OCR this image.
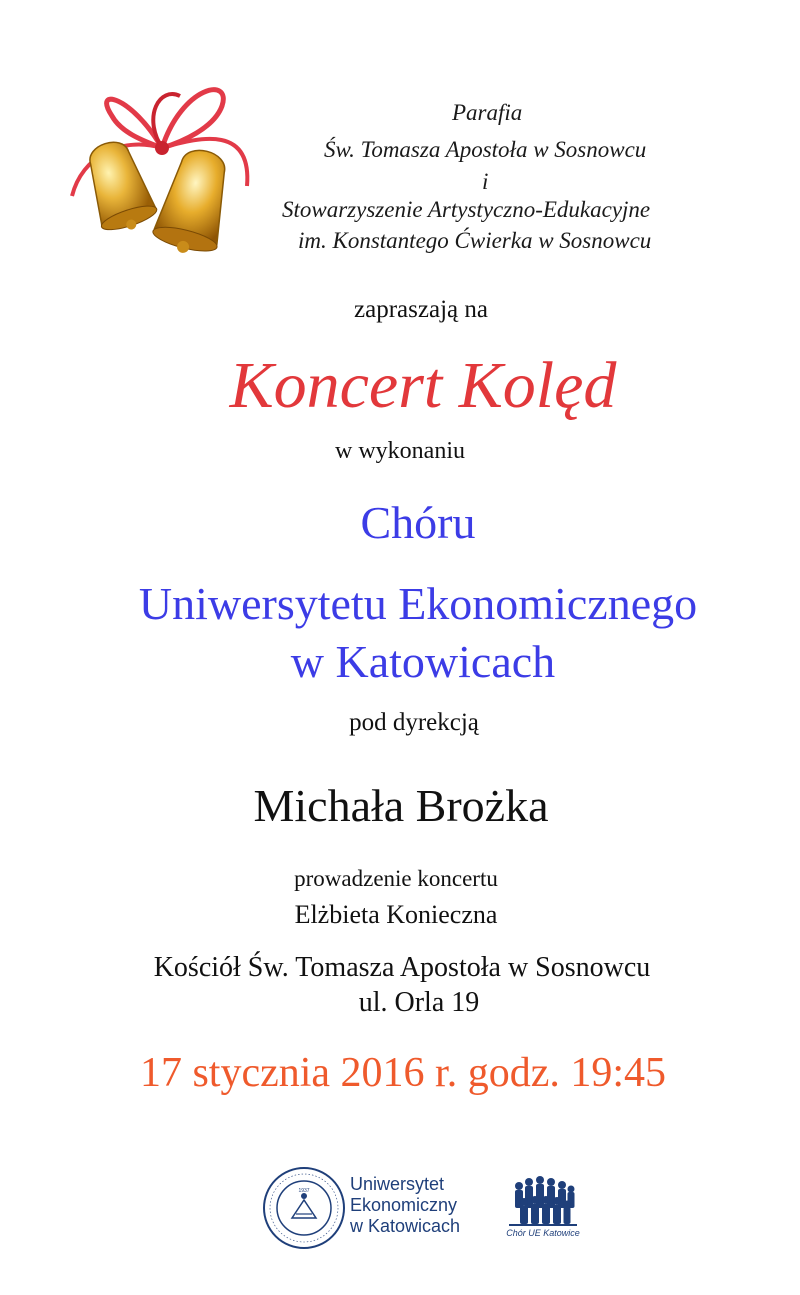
Parafia
Św. Tomasza Apostoła w Sosnowcu
i
Stowarzyszenie Artystyczno-Edukacyjne
im. Konstantego Ćwierka w Sosnowcu
zapraszają na
Koncert Kolęd
w wykonaniu
Chóru
Uniwersytetu Ekonomicznego
w Katowicach
pod dyrekcją
Michała Brożka
prowadzenie koncertu
Elżbieta Konieczna
Kościół Św. Tomasza Apostoła w Sosnowcu
ul. Orla 19
17 stycznia 2016 r. godz. 19:45
1937 Uniwersytet
Ekonomiczny
w Katowicach	Chór UE Katowice
